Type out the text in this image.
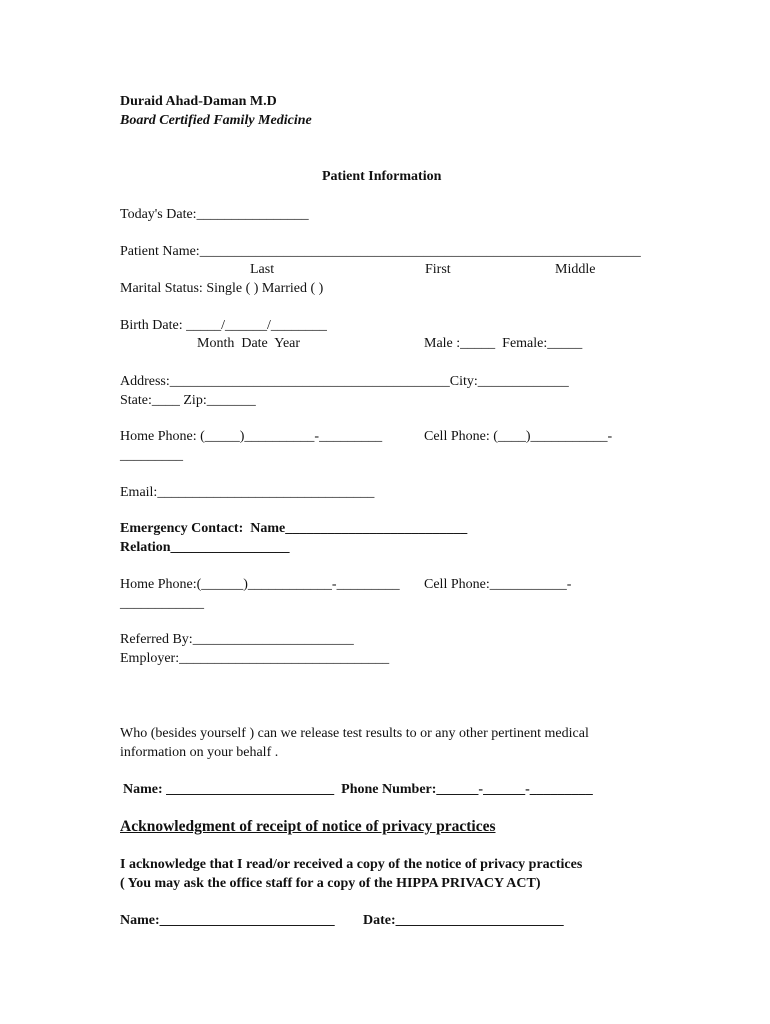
Duraid Ahad-Daman M.D
Board Certified Family Medicine
Patient Information
Today's Date:________________
Patient Name:_______________________________________________________________
Last	First	Middle
Marital Status: Single ( ) Married ( )
Birth Date: _____/______/________
Month  Date  Year	Male :_____  Female:_____
Address:________________________________________City:_____________
State:____ Zip:_______
Home Phone: (_____)__________-_________	Cell Phone: (____)___________-
_________
Email:_______________________________
Emergency Contact:  Name__________________________
Relation_________________
Home Phone:(______)____________-_________ Cell Phone:___________-
____________
Referred By:_______________________
Employer:______________________________
Who (besides yourself ) can we release test results to or any other pertinent medical
information on your behalf .
Name: ________________________  Phone Number:______-______-_________
Acknowledgment of receipt of notice of privacy practices
I acknowledge that I read/or received a copy of the notice of privacy practices
( You may ask the office staff for a copy of the HIPPA PRIVACY ACT)
Name:_________________________ Date:________________________
